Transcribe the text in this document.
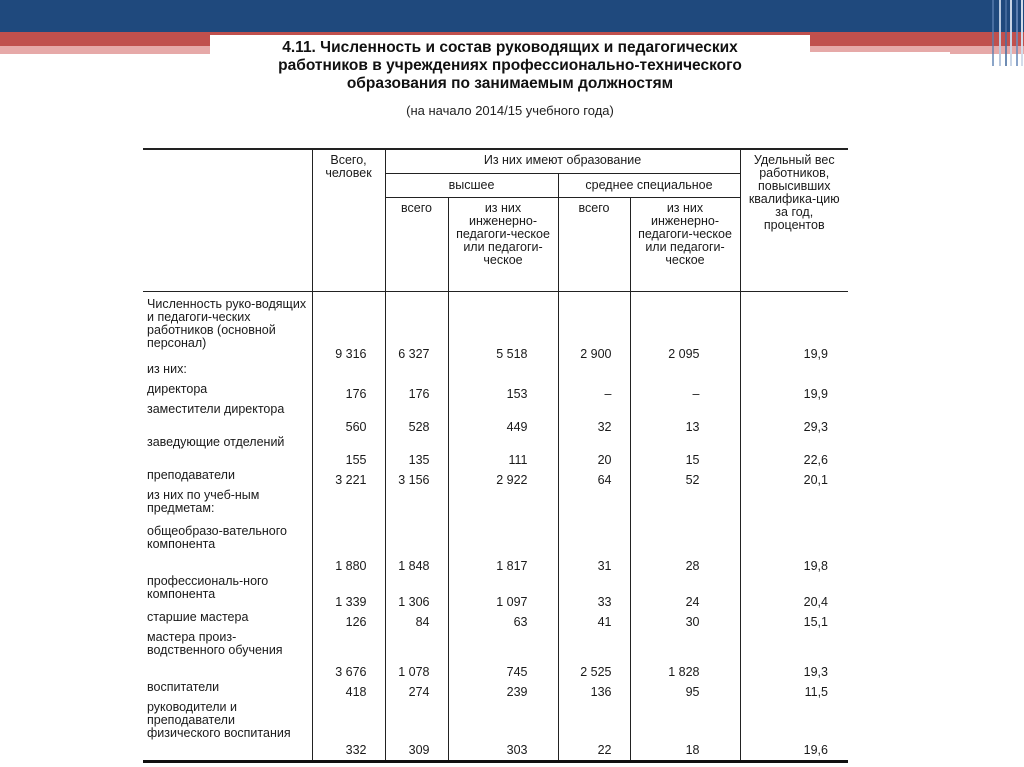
4.11. Численность и состав руководящих и педагогических
работников в учреждениях профессионально-технического
образования по занимаемым должностям
(на начало 2014/15 учебного года)
	Всего, человек	Из них имеют образование				Удельный вес работников, повысивших квалифика-цию за год, процентов
		высшее		среднее специальное		
		всего	из них инженерно-педагоги-ческое или педагоги-ческое	всего	из них инженерно-педагоги-ческое или педагоги-ческое	
Численность руко-водящих и педагоги-ческих работников (основной персонал)	9 316	6 327	5 518	2 900	2 095	19,9
из них:						
директора	176	176	153	–	–	19,9
заместители директора	560	528	449	32	13	29,3
заведующие отделений	155	135	111	20	15	22,6
преподаватели	3 221	3 156	2 922	64	52	20,1
из них по учеб-ным предметам:						
общеобразо-вательного компонента	1 880	1 848	1 817	31	28	19,8
профессиональ-ного компонента	1 339	1 306	1 097	33	24	20,4
старшие мастера	126	84	63	41	30	15,1
мастера произ-водственного обучения	3 676	1 078	745	2 525	1 828	19,3
воспитатели	418	274	239	136	95	11,5
руководители и преподаватели физического воспитания	332	309	303	22	18	19,6
